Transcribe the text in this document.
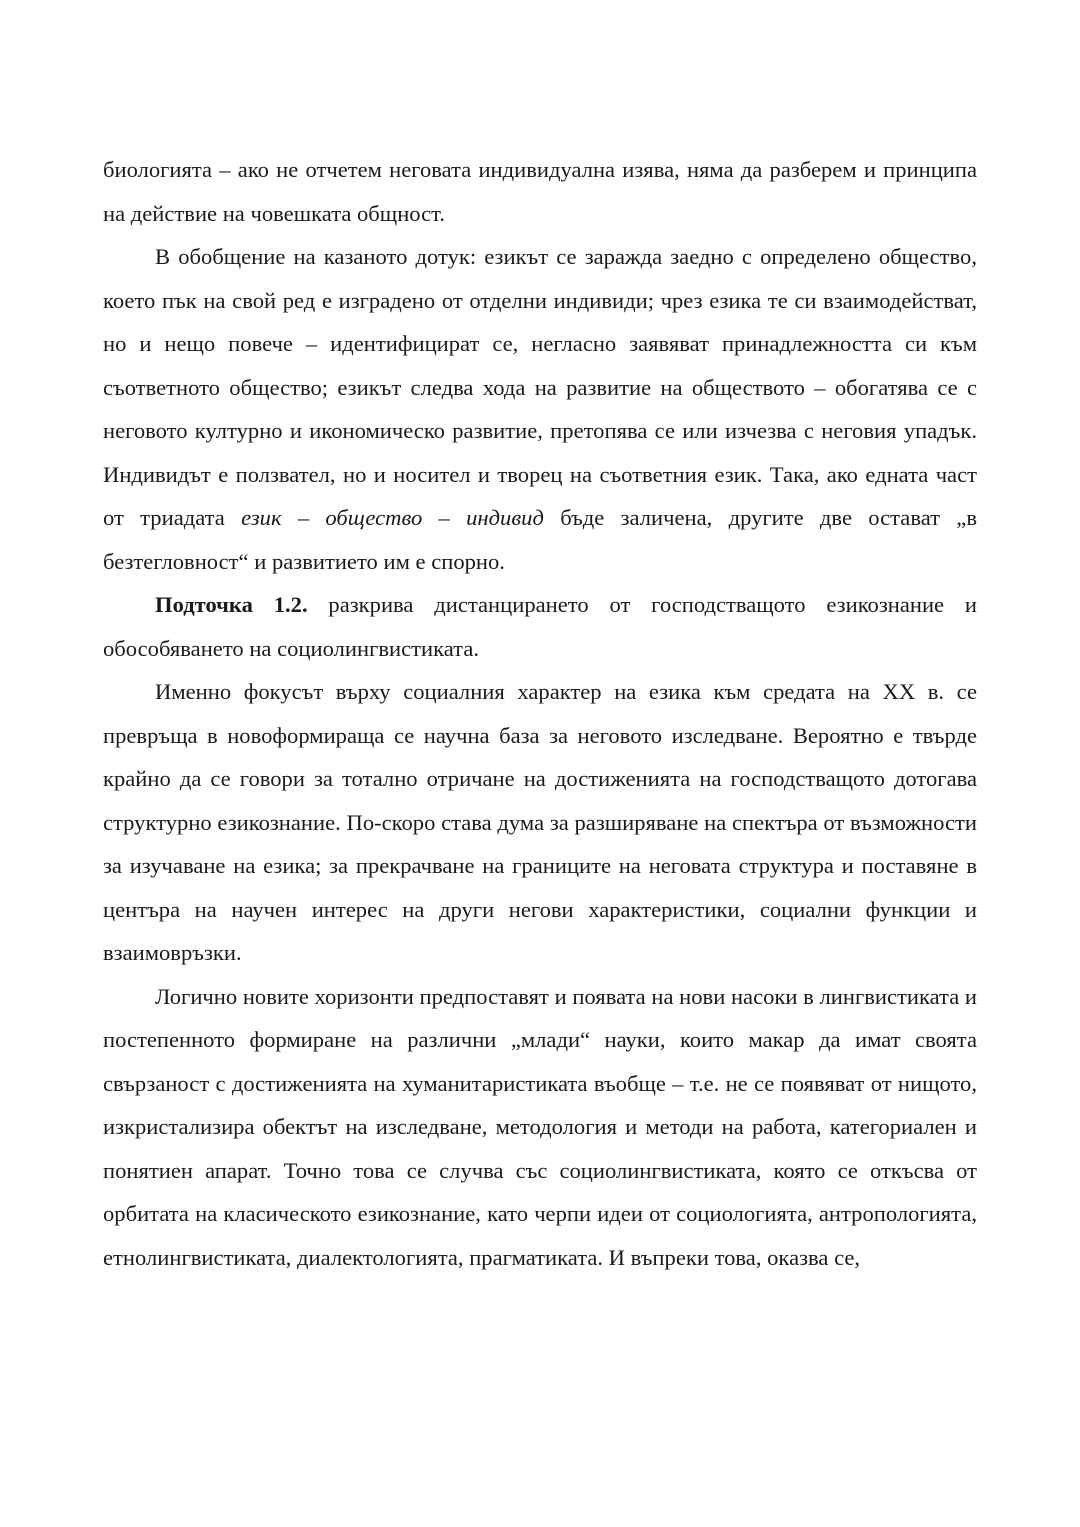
биологията – ако не отчетем неговата индивидуална изява, няма да разберем и принципа на действие на човешката общност.

В обобщение на казаното дотук: езикът се заражда заедно с определено общество, което пък на свой ред е изградено от отделни индивиди; чрез езика те си взаимодействат, но и нещо повече – идентифицират се, негласно заявяват принадлежността си към съответното общество; езикът следва хода на развитие на обществото – обогатява се с неговото културно и икономическо развитие, претопява се или изчезва с неговия упадък. Индивидът е ползвател, но и носител и творец на съответния език. Така, ако едната част от триадата език – общество – индивид бъде заличена, другите две остават „в безтегловност“ и развитието им е спорно.

Подточка 1.2. разкрива дистанцирането от господстващото езикознание и обособяването на социолингвистиката.

Именно фокусът върху социалния характер на езика към средата на ХХ в. се превръща в новоформираща се научна база за неговото изследване. Вероятно е твърде крайно да се говори за тотално отричане на достиженията на господстващото дотогава структурно езикознание. По-скоро става дума за разширяване на спектъра от възможности за изучаване на езика; за прекрачване на границите на неговата структура и поставяне в центъра на научен интерес на други негови характеристики, социални функции и взаимовръзки.

Логично новите хоризонти предпоставят и появата на нови насоки в лингвистиката и постепенното формиране на различни „млади“ науки, които макар да имат своята свързаност с достиженията на хуманитаристиката въобще – т.е. не се появяват от нищото, изкристализира обектът на изследване, методология и методи на работа, категориален и понятиен апарат. Точно това се случва със социолингвистиката, която се откъсва от орбитата на класическото езикознание, като черпи идеи от социологията, антропологията, етнолингвистиката, диалектологията, прагматиката. И въпреки това, оказва се,
